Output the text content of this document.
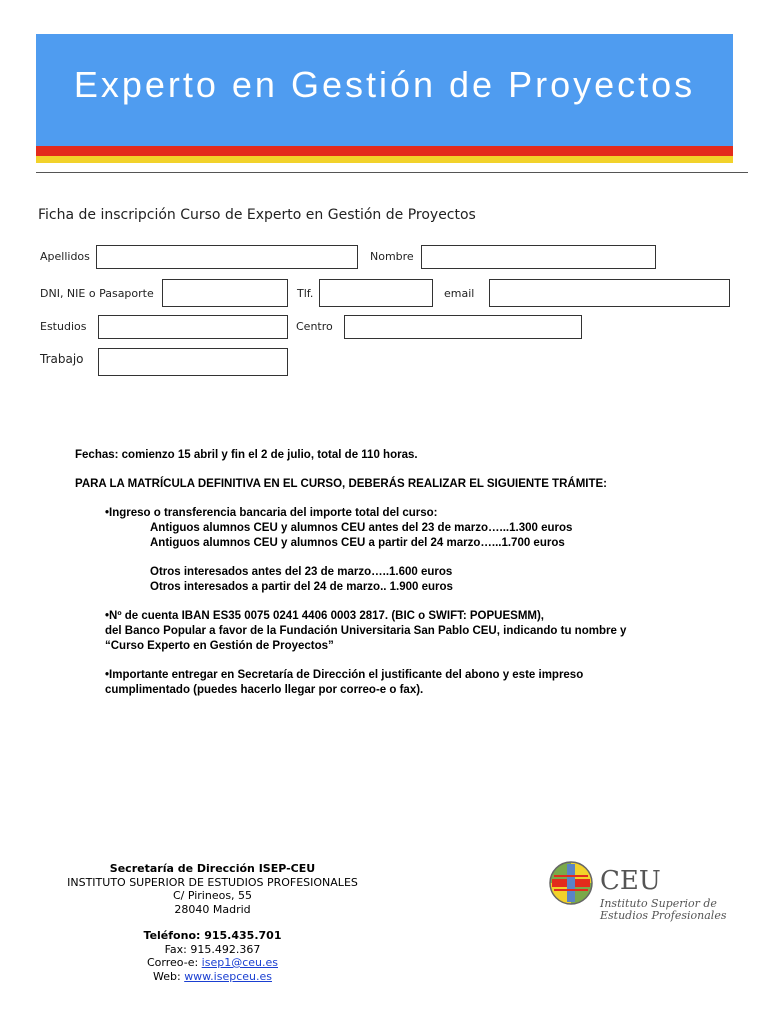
Experto en Gestión de Proyectos
Ficha de inscripción Curso de Experto en Gestión de Proyectos
Apellidos	Nombre
DNI, NIE o Pasaporte	Tlf.	email
Estudios	Centro
Trabajo

Fechas: comienzo 15 abril y fin el 2 de julio, total de 110 horas.

PARA LA MATRÍCULA DEFINITIVA EN EL CURSO, DEBERÁS REALIZAR EL SIGUIENTE TRÁMITE:

•Ingreso o transferencia bancaria del importe total del curso:

Antiguos alumnos CEU y alumnos CEU antes del 23 de marzo…...1.300 euros

Antiguos alumnos CEU y alumnos CEU a partir del 24 marzo…...1.700 euros

Otros interesados antes del 23 de marzo…..1.600 euros

Otros interesados a partir del 24 de marzo.. 1.900 euros

•Nº de cuenta IBAN ES35 0075 0241 4406 0003 2817. (BIC o SWIFT: POPUESMM),

del Banco Popular a favor de la Fundación Universitaria San Pablo CEU, indicando tu nombre y

“Curso Experto en Gestión de Proyectos”

•Importante entregar en Secretaría de Dirección el justificante del abono y este impreso

cumplimentado (puedes hacerlo llegar por correo-e o fax).

Secretaría de Dirección ISEP-CEU
INSTITUTO SUPERIOR DE ESTUDIOS PROFESIONALES
C/ Pirineos, 55
28040 Madrid
Teléfono: 915.435.701
Fax: 915.492.367
Correo-e: isep1@ceu.es
Web: www.isepceu.es
CEU
Instituto Superior de
Estudios Profesionales
